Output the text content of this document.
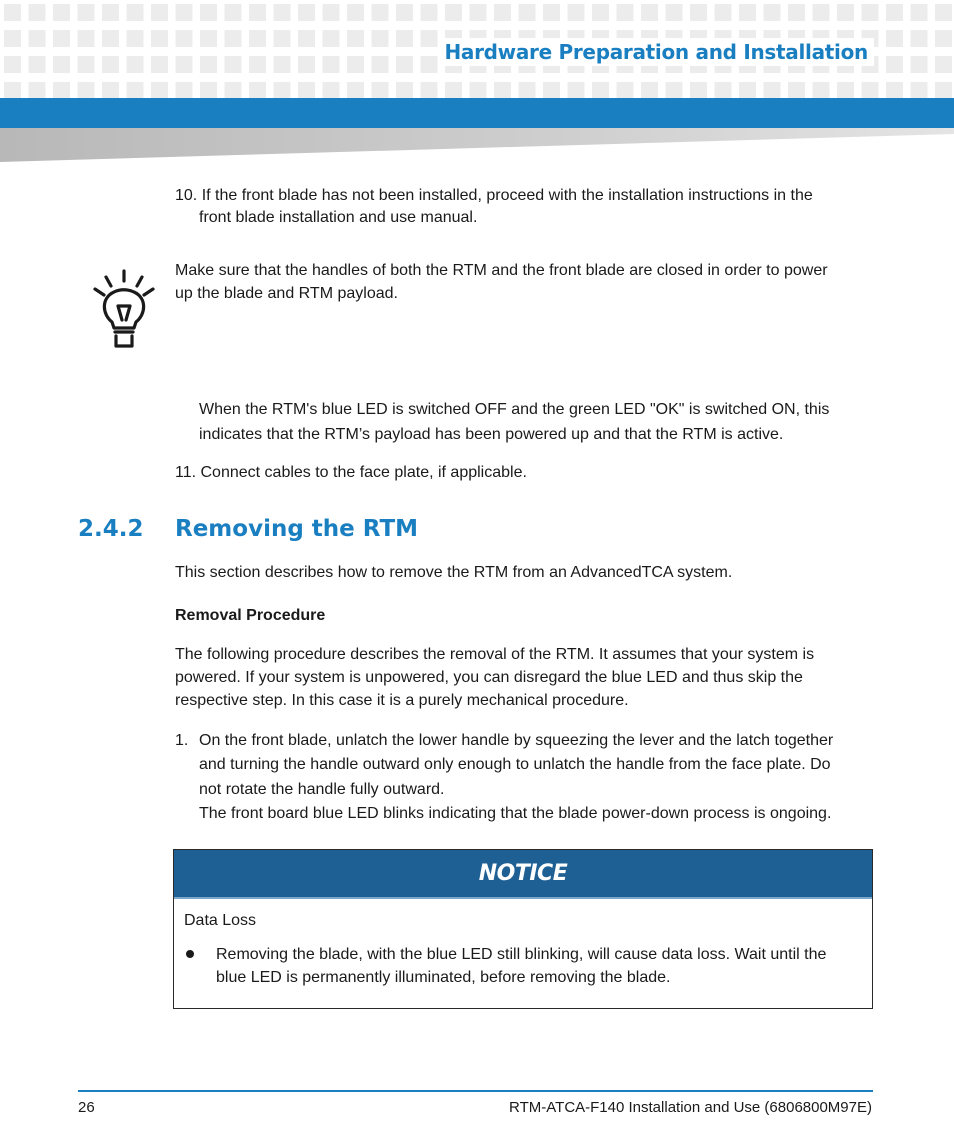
Hardware Preparation and Installation

10. If the front blade has not been installed, proceed with the installation instructions in the

front blade installation and use manual.

Make sure that the handles of both the RTM and the front blade are closed in order to power

up the blade and RTM payload.

When the RTM's blue LED is switched OFF and the green LED "OK" is switched ON, this

indicates that the RTM’s payload has been powered up and that the RTM is active.

11. Connect cables to the face plate, if applicable.

2.4.2 Removing the RTM

This section describes how to remove the RTM from an AdvancedTCA system.

Removal Procedure

The following procedure describes the removal of the RTM. It assumes that your system is

powered. If your system is unpowered, you can disregard the blue LED and thus skip the

respective step. In this case it is a purely mechanical procedure.

1. On the front blade, unlatch the lower handle by squeezing the lever and the latch together

and turning the handle outward only enough to unlatch the handle from the face plate. Do

not rotate the handle fully outward.

The front board blue LED blinks indicating that the blade power-down process is ongoing.

NOTICE

Data Loss

Removing the blade, with the blue LED still blinking, will cause data loss. Wait until the

blue LED is permanently illuminated, before removing the blade.

26	RTM-ATCA-F140 Installation and Use (6806800M97E)
